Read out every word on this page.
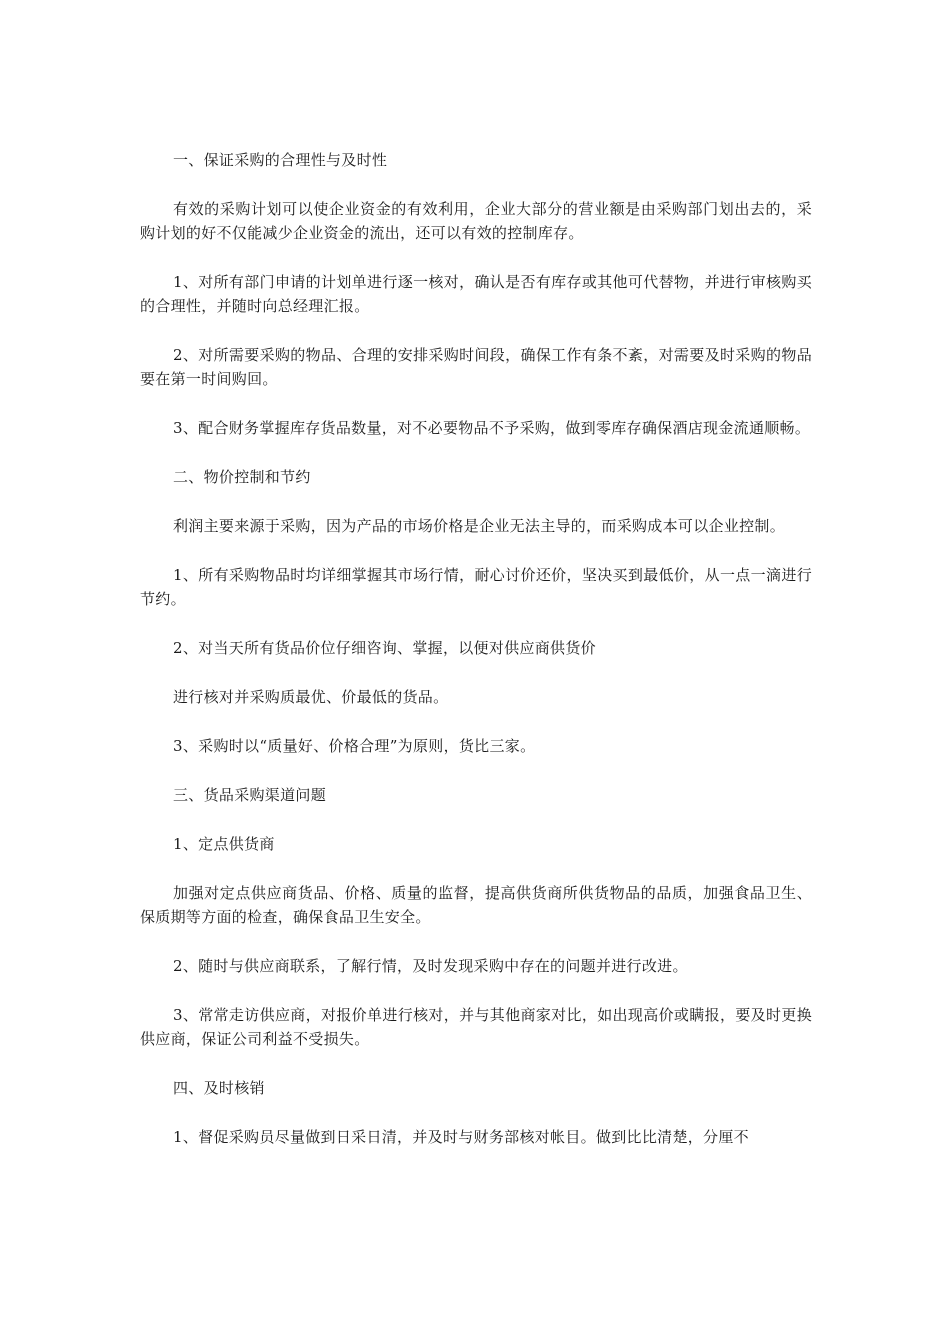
一、保证采购的合理性与及时性

有效的采购计划可以使企业资金的有效利用，企业大部分的营业额是由采购部门划出去的，采购计划的好不仅能减少企业资金的流出，还可以有效的控制库存。

1、对所有部门申请的计划单进行逐一核对，确认是否有库存或其他可代替物，并进行审核购买的合理性，并随时向总经理汇报。

2、对所需要采购的物品、合理的安排采购时间段，确保工作有条不紊，对需要及时采购的物品要在第一时间购回。

3、配合财务掌握库存货品数量，对不必要物品不予采购，做到零库存确保酒店现金流通顺畅。

二、物价控制和节约

利润主要来源于采购，因为产品的市场价格是企业无法主导的，而采购成本可以企业控制。

1、所有采购物品时均详细掌握其市场行情，耐心讨价还价，坚决买到最低价，从一点一滴进行节约。

2、对当天所有货品价位仔细咨询、掌握，以便对供应商供货价

进行核对并采购质最优、价最低的货品。

3、采购时以“质量好、价格合理”为原则，货比三家。

三、货品采购渠道问题

1、定点供货商

加强对定点供应商货品、价格、质量的监督，提高供货商所供货物品的品质，加强食品卫生、保质期等方面的检查，确保食品卫生安全。

2、随时与供应商联系，了解行情，及时发现采购中存在的问题并进行改进。

3、常常走访供应商，对报价单进行核对，并与其他商家对比，如出现高价或瞒报，要及时更换供应商，保证公司利益不受损失。

四、及时核销

1、督促采购员尽量做到日采日清，并及时与财务部核对帐目。做到比比清楚，分厘不
